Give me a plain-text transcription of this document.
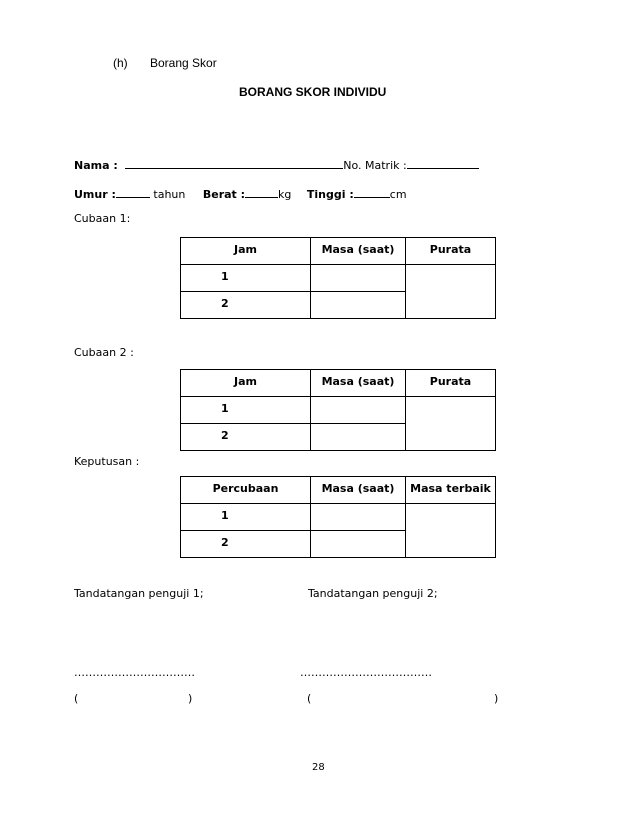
(h) Borang Skor
BORANG SKOR INDIVIDU
Nama :	No. Matrik :
Umur :	tahun Berat :	kg Tinggi :	cm
Cubaan 1:
Jam	Masa (saat)	Purata
1		
2		
Cubaan 2 :
Jam	Masa (saat)	Purata
1		
2		
Keputusan :
Percubaan	Masa (saat)	Masa terbaik
1		
2		
Tandatangan penguji 1;	Tandatangan penguji 2;
……………………………	………………………………
(	)	(	)
28
